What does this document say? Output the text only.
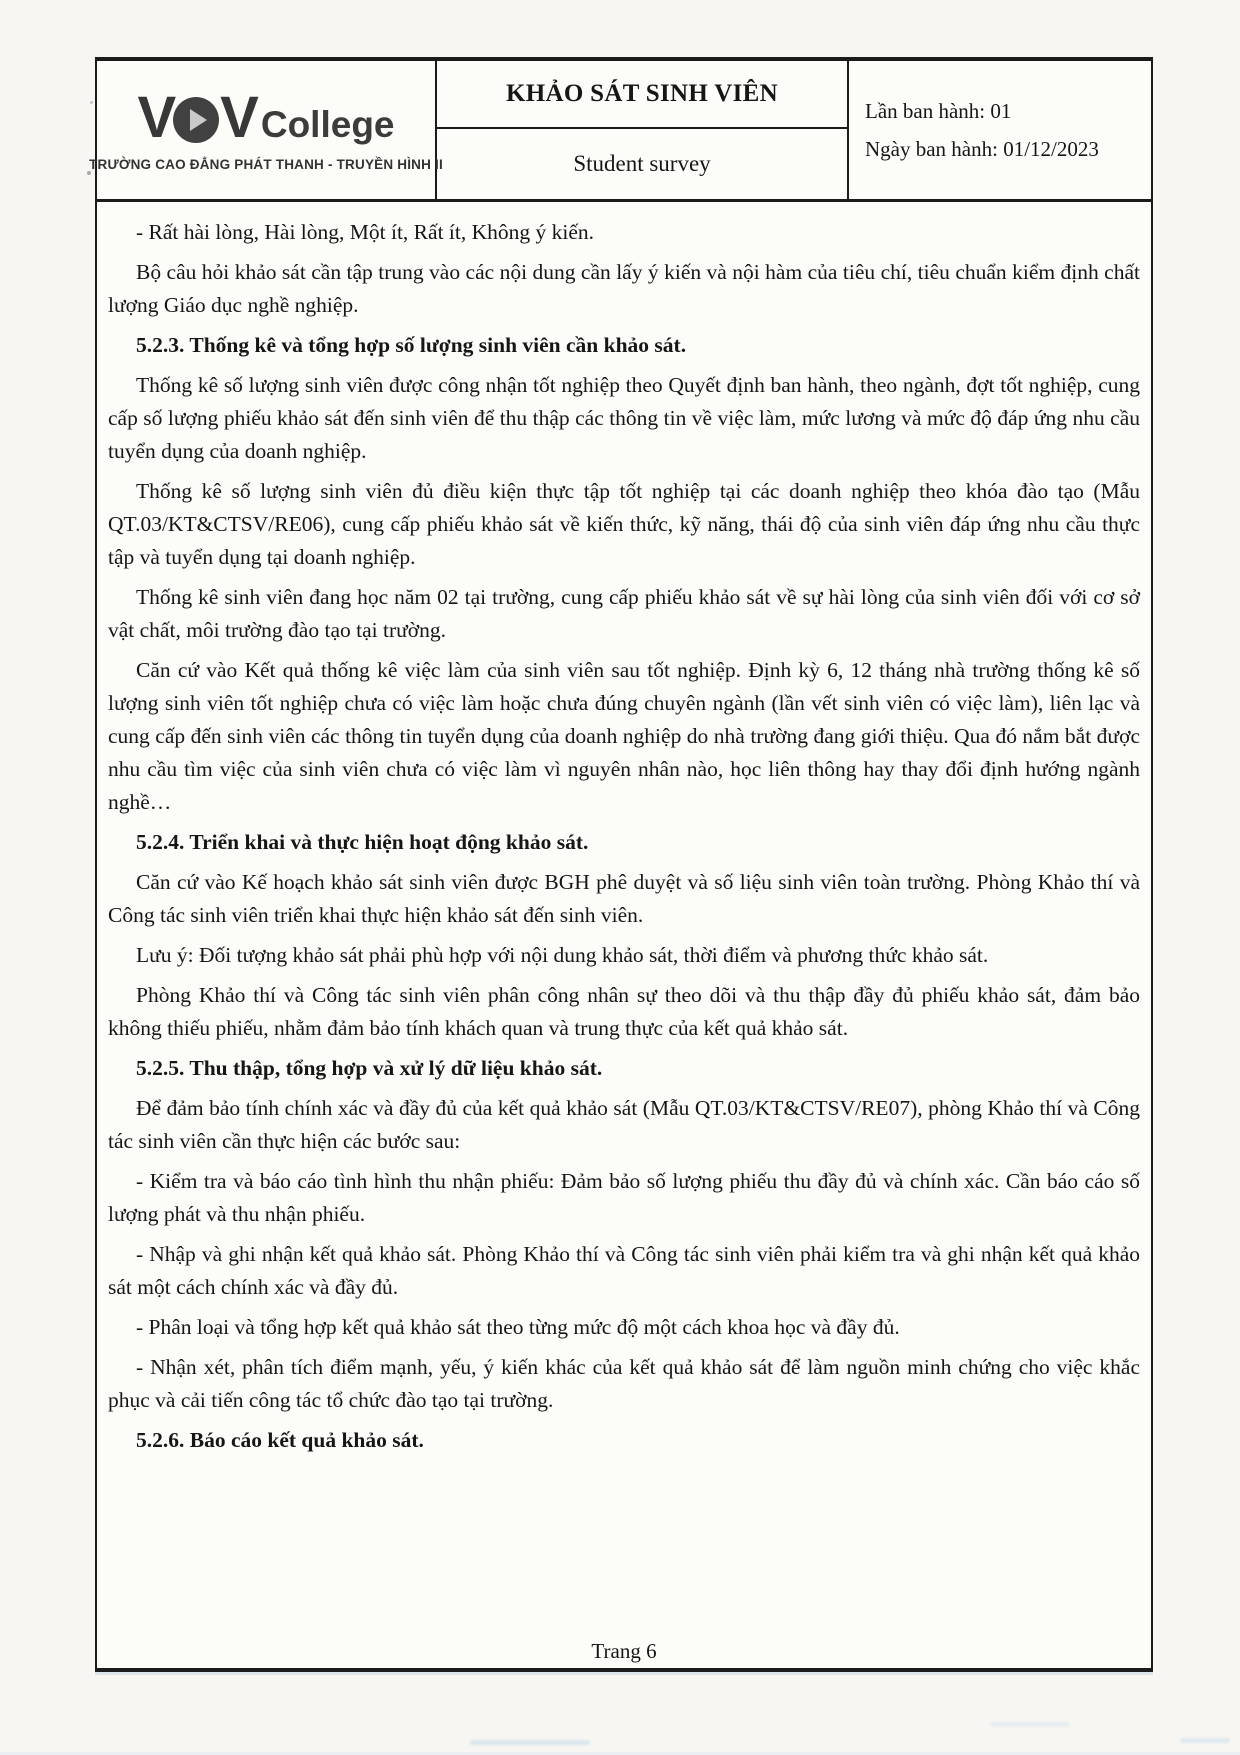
V V College
TRƯỜNG CAO ĐẲNG PHÁT THANH - TRUYỀN HÌNH II
KHẢO SÁT SINH VIÊN
Student survey
Lần ban hành: 01
Ngày ban hành: 01/12/2023
- Rất hài lòng, Hài lòng, Một ít, Rất ít, Không ý kiến.
Bộ câu hỏi khảo sát cần tập trung vào các nội dung cần lấy ý kiến và nội hàm của tiêu chí, tiêu chuẩn kiểm định chất lượng Giáo dục nghề nghiệp.
5.2.3. Thống kê và tổng hợp số lượng sinh viên cần khảo sát.
Thống kê số lượng sinh viên được công nhận tốt nghiệp theo Quyết định ban hành, theo ngành, đợt tốt nghiệp, cung cấp số lượng phiếu khảo sát đến sinh viên để thu thập các thông tin về việc làm, mức lương và mức độ đáp ứng nhu cầu tuyển dụng của doanh nghiệp.
Thống kê số lượng sinh viên đủ điều kiện thực tập tốt nghiệp tại các doanh nghiệp theo khóa đào tạo (Mẫu QT.03/KT&CTSV/RE06), cung cấp phiếu khảo sát về kiến thức, kỹ năng, thái độ của sinh viên đáp ứng nhu cầu thực tập và tuyển dụng tại doanh nghiệp.
Thống kê sinh viên đang học năm 02 tại trường, cung cấp phiếu khảo sát về sự hài lòng của sinh viên đối với cơ sở vật chất, môi trường đào tạo tại trường.
Căn cứ vào Kết quả thống kê việc làm của sinh viên sau tốt nghiệp. Định kỳ 6, 12 tháng nhà trường thống kê số lượng sinh viên tốt nghiệp chưa có việc làm hoặc chưa đúng chuyên ngành (lần vết sinh viên có việc làm), liên lạc và cung cấp đến sinh viên các thông tin tuyển dụng của doanh nghiệp do nhà trường đang giới thiệu. Qua đó nắm bắt được nhu cầu tìm việc của sinh viên chưa có việc làm vì nguyên nhân nào, học liên thông hay thay đổi định hướng ngành nghề…
5.2.4. Triển khai và thực hiện hoạt động khảo sát.
Căn cứ vào Kế hoạch khảo sát sinh viên được BGH phê duyệt và số liệu sinh viên toàn trường. Phòng Khảo thí và Công tác sinh viên triển khai thực hiện khảo sát đến sinh viên.
Lưu ý: Đối tượng khảo sát phải phù hợp với nội dung khảo sát, thời điểm và phương thức khảo sát.
Phòng Khảo thí và Công tác sinh viên phân công nhân sự theo dõi và thu thập đầy đủ phiếu khảo sát, đảm bảo không thiếu phiếu, nhằm đảm bảo tính khách quan và trung thực của kết quả khảo sát.
5.2.5. Thu thập, tổng hợp và xử lý dữ liệu khảo sát.
Để đảm bảo tính chính xác và đầy đủ của kết quả khảo sát (Mẫu QT.03/KT&CTSV/RE07), phòng Khảo thí và Công tác sinh viên cần thực hiện các bước sau:
- Kiểm tra và báo cáo tình hình thu nhận phiếu: Đảm bảo số lượng phiếu thu đầy đủ và chính xác. Cần báo cáo số lượng phát và thu nhận phiếu.
- Nhập và ghi nhận kết quả khảo sát. Phòng Khảo thí và Công tác sinh viên phải kiểm tra và ghi nhận kết quả khảo sát một cách chính xác và đầy đủ.
- Phân loại và tổng hợp kết quả khảo sát theo từng mức độ một cách khoa học và đầy đủ.
- Nhận xét, phân tích điểm mạnh, yếu, ý kiến khác của kết quả khảo sát để làm nguồn minh chứng cho việc khắc phục và cải tiến công tác tổ chức đào tạo tại trường.
5.2.6. Báo cáo kết quả khảo sát.
Trang 6
